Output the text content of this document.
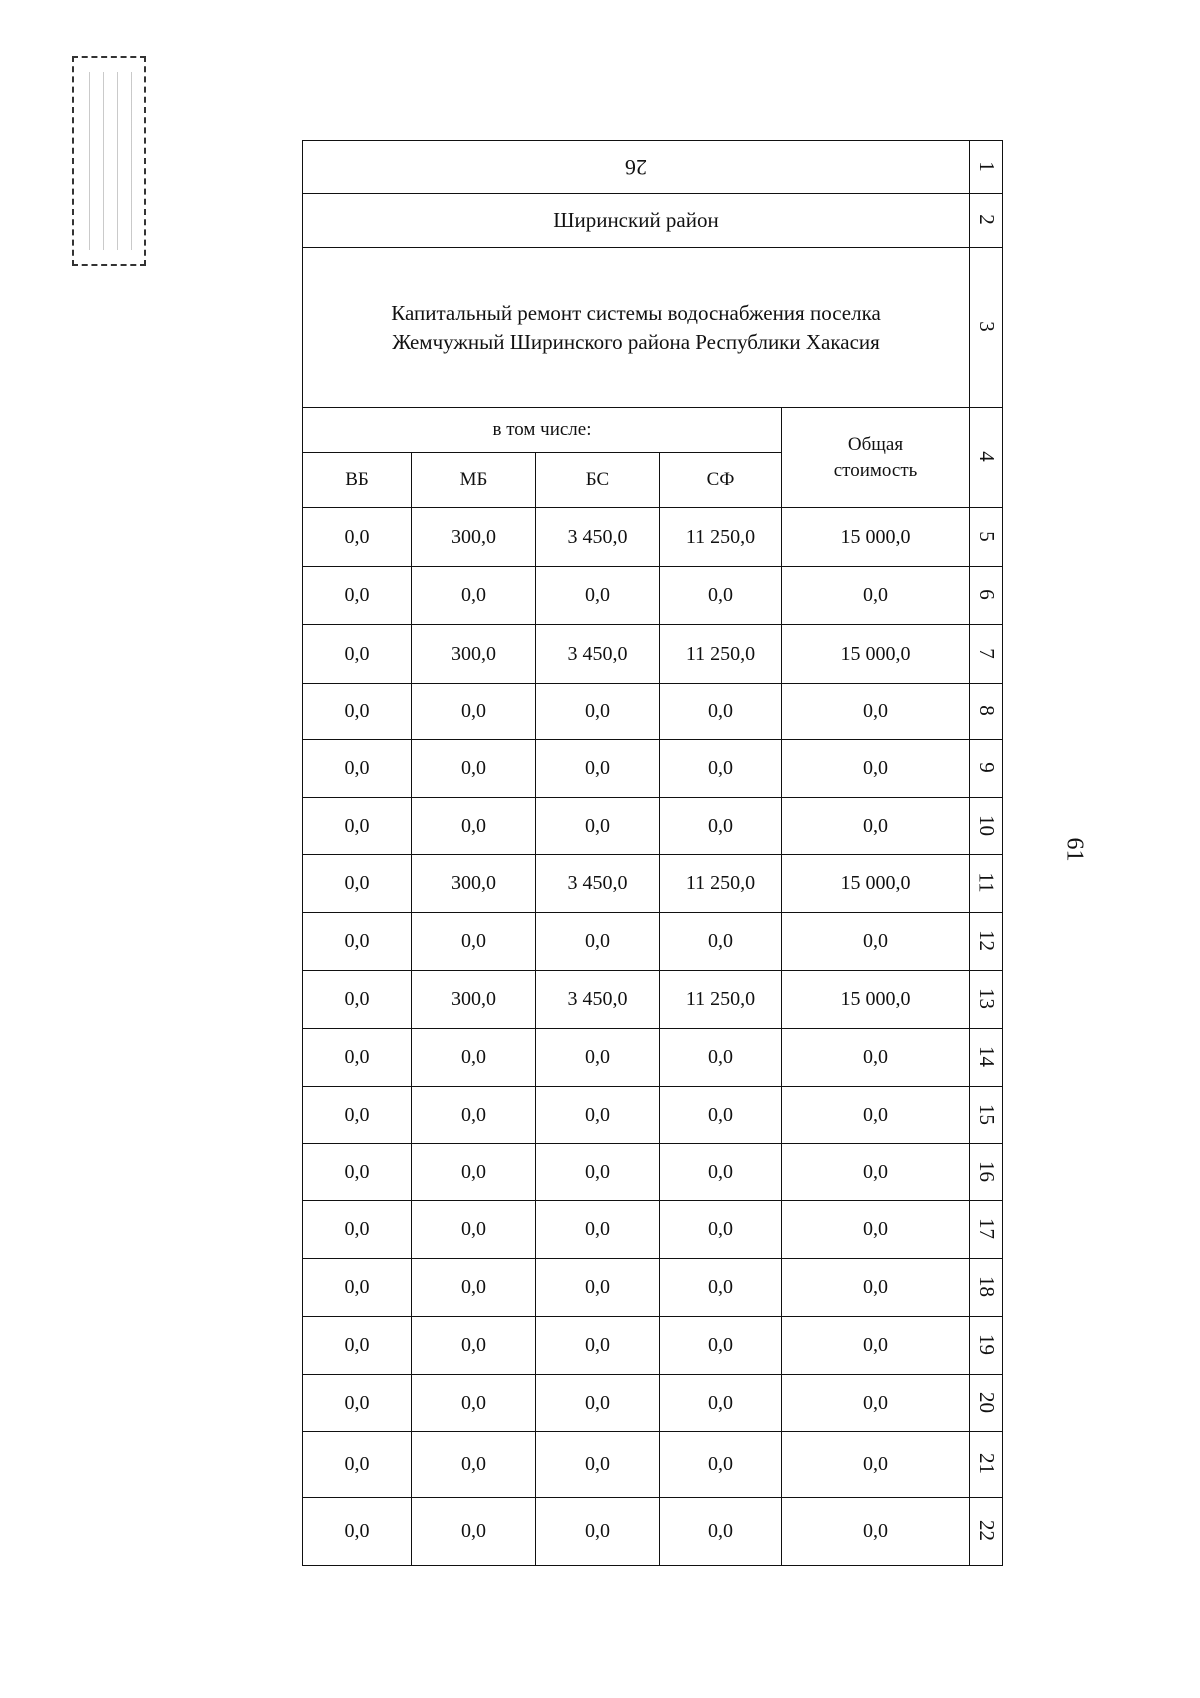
61
26					1
Ширинский район					2

Капитальный ремонт системы водоснабжения поселка
Жемчужный Ширинского района Республики Хакасия					3
в том числе:				Общая стоимость	4
ВБ	МБ	БС	СФ		
0,0	300,0	3 450,0	11 250,0	15 000,0	5
0,0	0,0	0,0	0,0	0,0	6
0,0	300,0	3 450,0	11 250,0	15 000,0	7
0,0	0,0	0,0	0,0	0,0	8
0,0	0,0	0,0	0,0	0,0	9
0,0	0,0	0,0	0,0	0,0	10
0,0	300,0	3 450,0	11 250,0	15 000,0	11
0,0	0,0	0,0	0,0	0,0	12
0,0	300,0	3 450,0	11 250,0	15 000,0	13
0,0	0,0	0,0	0,0	0,0	14
0,0	0,0	0,0	0,0	0,0	15
0,0	0,0	0,0	0,0	0,0	16
0,0	0,0	0,0	0,0	0,0	17
0,0	0,0	0,0	0,0	0,0	18
0,0	0,0	0,0	0,0	0,0	19
0,0	0,0	0,0	0,0	0,0	20
0,0	0,0	0,0	0,0	0,0	21
0,0	0,0	0,0	0,0	0,0	22
